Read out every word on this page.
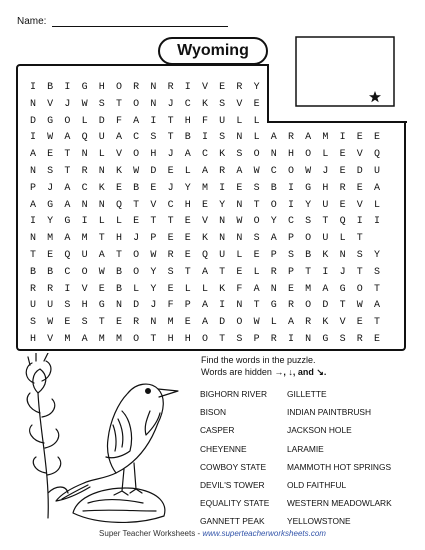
Name:
Wyoming
I	B	I	G	H	O	R	N	R	I	V	E	R	Y
N	V	J	W	S	T	O	N	J	C	K	S	V	E
D	G	O	L	D	F	A	I	T	H	F	U	L	L
I	W	A	Q	U	A	C	S	T	B	I	S	N	L	A	R	A	M	I	E	E
A	E	T	N	L	V	O	H	J	A	C	K	S	O	N	H	O	L	E	V	Q
N	S	T	R	N	K	W	D	E	L	A	R	A	W	C	O	W	J	E	D	U
P	J	A	C	K	E	B	E	J	Y	M	I	E	S	B	I	G	H	R	E	A
A	G	A	N	N	Q	T	V	C	H	E	Y	N	T	O	I	Y	U	E	V	L
I	Y	G	I	L	L	E	T	T	E	V	N	W	O	Y	C	S	T	Q	I	I
N	M	A	M	T	H	J	P	E	E	K	N	N	S	A	P	O	U	L	T
T	E	Q	U	A	T	O	W	R	E	Q	U	L	E	P	S	B	K	N	S	Y
B	B	C	O	W	B	O	Y	S	T	A	T	E	L	R	P	T	I	J	T	S
R	R	I	V	E	B	L	Y	E	L	L	K	F	A	N	E	M	A	G	O	T
U	U	S	H	G	N	D	J	F	P	A	I	N	T	G	R	O	D	T	W	A
S	W	E	S	T	E	R	N	M	E	A	D	O	W	L	A	R	K	V	E	T
H	V	M	A	M	M	O	T	H	H	O	T	S	P	R	I	N	G	S	R	E
Find the words in the puzzle.
Words are hidden →, ↓, and ↘.
BIGHORN RIVER
BISON
CASPER
CHEYENNE
COWBOY STATE
DEVIL'S TOWER
EQUALITY STATE
GANNETT PEAK
GILLETTE
INDIAN PAINTBRUSH
JACKSON HOLE
LARAMIE
MAMMOTH HOT SPRINGS
OLD FAITHFUL
WESTERN MEADOWLARK
YELLOWSTONE
Super Teacher Worksheets - www.superteacherworksheets.com
